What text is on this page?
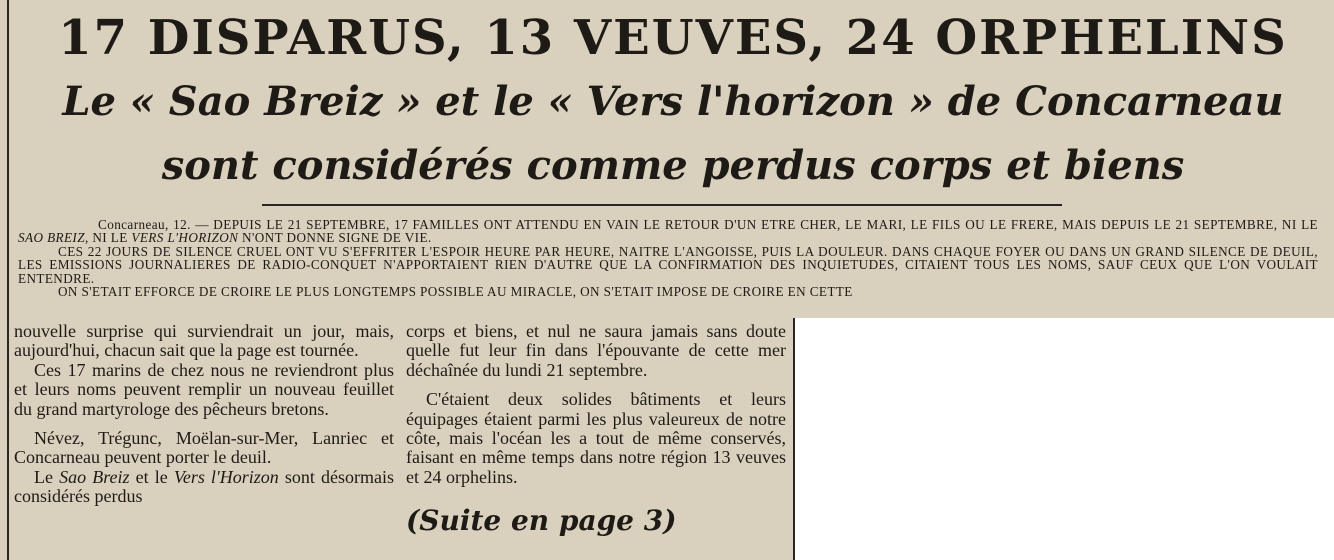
17 DISPARUS, 13 VEUVES, 24 ORPHELINS
Le « Sao Breiz » et le « Vers l'horizon » de Concarneau
sont considérés comme perdus corps et biens
Concarneau, 12. — DEPUIS LE 21 SEPTEMBRE, 17 FAMILLES ONT ATTENDU EN VAIN LE RETOUR D'UN ETRE CHER, LE MARI, LE FILS OU LE FRERE, MAIS DEPUIS LE 21 SEPTEMBRE, NI LE SAO BREIZ, NI LE VERS L'HORIZON N'ONT DONNE SIGNE DE VIE.
CES 22 JOURS DE SILENCE CRUEL ONT VU S'EFFRITER L'ESPOIR HEURE PAR HEURE, NAITRE L'ANGOISSE, PUIS LA DOULEUR. DANS CHAQUE FOYER OU DANS UN GRAND SILENCE DE DEUIL, LES EMISSIONS JOURNALIERES DE RADIO-CONQUET N'APPORTAIENT RIEN D'AUTRE QUE LA CONFIRMATION DES INQUIETUDES, CITAIENT TOUS LES NOMS, SAUF CEUX QUE L'ON VOULAIT ENTENDRE.
ON S'ETAIT EFFORCE DE CROIRE LE PLUS LONGTEMPS POSSIBLE AU MIRACLE, ON S'ETAIT IMPOSE DE CROIRE EN CETTE

nouvelle surprise qui surviendrait un jour, mais, aujourd'hui, chacun sait que la page est tournée.

Ces 17 marins de chez nous ne reviendront plus et leurs noms peuvent remplir un nouveau feuillet du grand martyrologe des pêcheurs bretons.

Névez, Trégunc, Moëlan-sur-Mer, Lanriec et Concarneau peuvent porter le deuil.

Le Sao Breiz et le Vers l'Horizon sont désormais considérés perdus

corps et biens, et nul ne saura jamais sans doute quelle fut leur fin dans l'épouvante de cette mer déchaînée du lundi 21 septembre.

C'étaient deux solides bâtiments et leurs équipages étaient parmi les plus valeureux de notre côte, mais l'océan les a tout de même conservés, faisant en même temps dans notre région 13 veuves et 24 orphelins.

(Suite en page 3)
